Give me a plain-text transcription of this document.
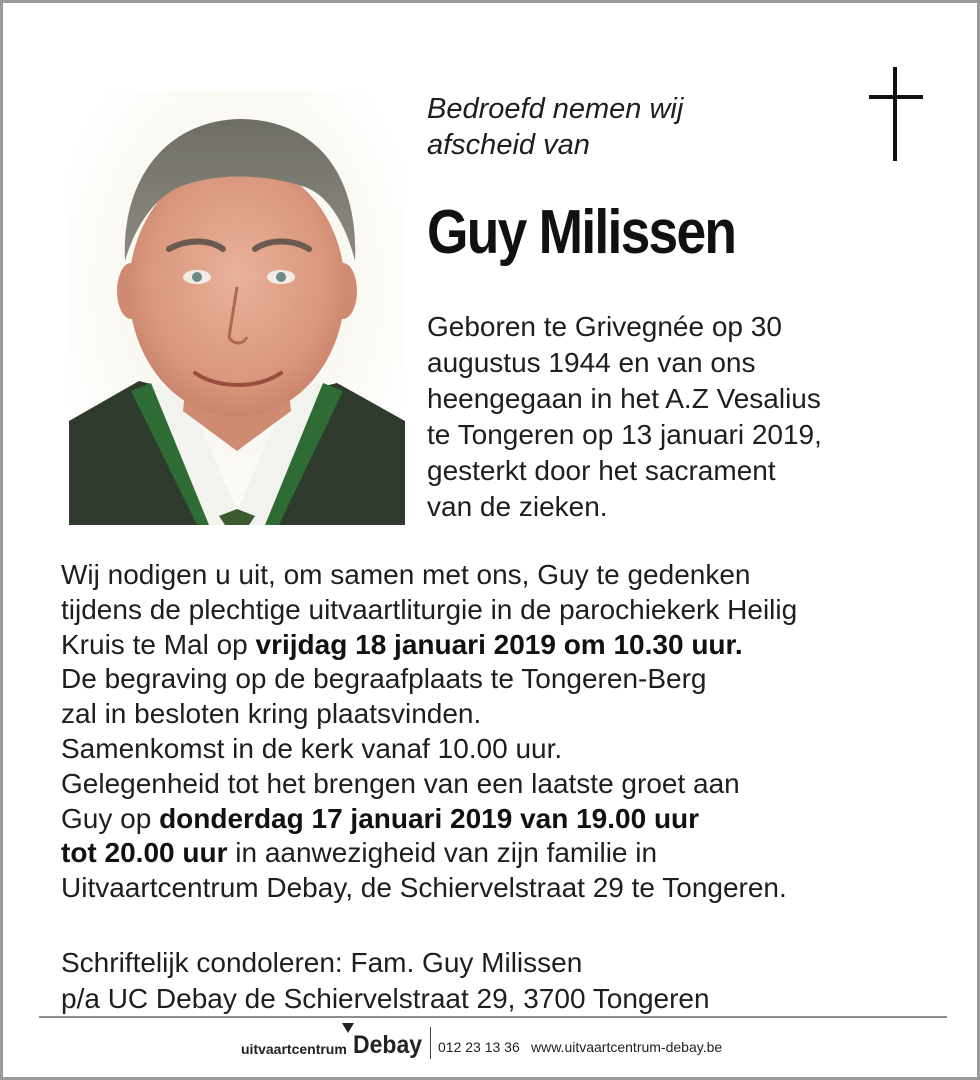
Bedroefd nemen wij
afscheid van
Guy Milissen
Geboren te Grivegnée op 30
augustus 1944 en van ons
heengegaan in het A.Z Vesalius
te Tongeren op 13 januari 2019,
gesterkt door het sacrament
van de zieken.
Wij nodigen u uit, om samen met ons, Guy te gedenken
tijdens de plechtige uitvaartliturgie in de parochiekerk Heilig
Kruis te Mal op vrijdag 18 januari 2019 om 10.30 uur.
De begraving op de begraafplaats te Tongeren-Berg
zal in besloten kring plaatsvinden.
Samenkomst in de kerk vanaf 10.00 uur.
Gelegenheid tot het brengen van een laatste groet aan
Guy op donderdag 17 januari 2019 van 19.00 uur
tot 20.00 uur in aanwezigheid van zijn familie in
Uitvaartcentrum Debay, de Schiervelstraat 29 te Tongeren.
Schriftelijk condoleren: Fam. Guy Milissen
p/a UC Debay de Schiervelstraat 29, 3700 Tongeren
uitvaartcentrum Debay 012 23 13 36 www.uitvaartcentrum-debay.be
